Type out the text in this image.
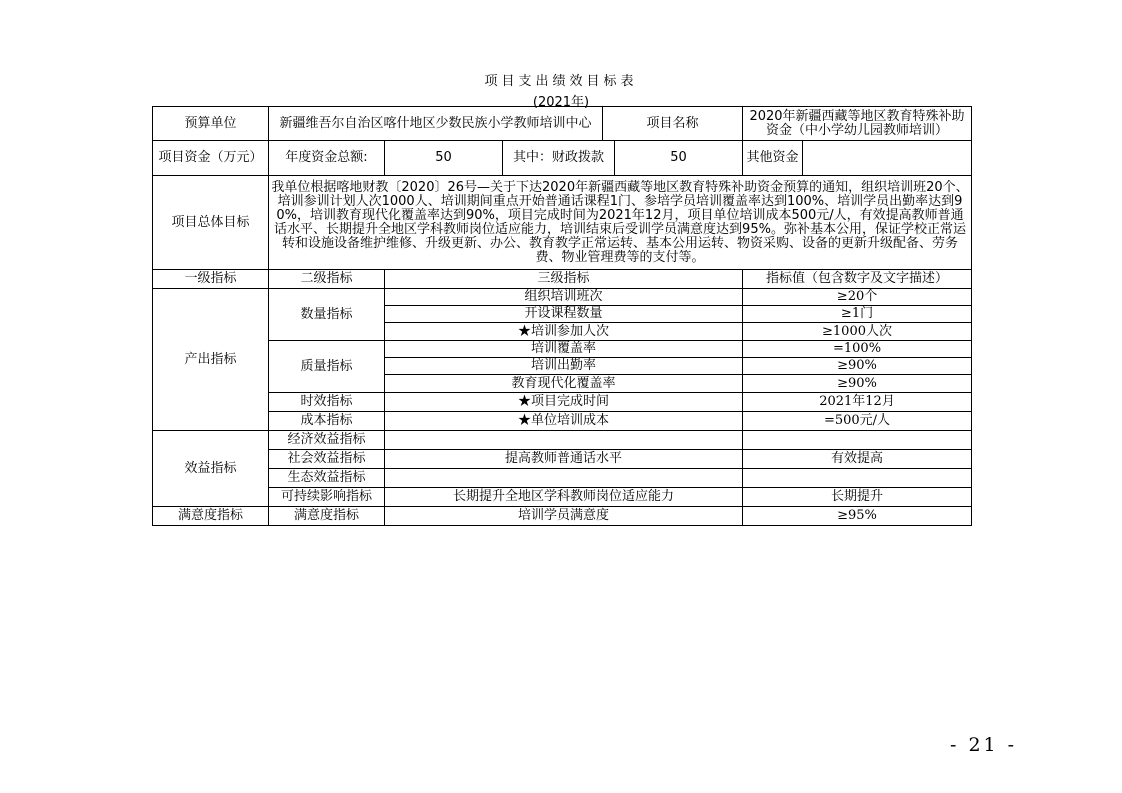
项目支出绩效目标表
(2021年)
预算单位	新疆维吾尔自治区喀什地区少数民族小学教师培训中心			项目名称		2020年新疆西藏等地区教育特殊补助资金（中小学幼儿园教师培训）	
项目资金（万元）	年度资金总额:	50	其中：财政拨款		50	其他资金	
项目总体目标	我单位根据喀地财教〔2020〕26号—关于下达2020年新疆西藏等地区教育特殊补助资金预算的通知，组织培训班20个、培训参训计划人次1000人、培训期间重点开始普通话课程1门、参培学员培训覆盖率达到100%、培训学员出勤率达到90%，培训教育现代化覆盖率达到90%，项目完成时间为2021年12月，项目单位培训成本500元/人，有效提高教师普通话水平、长期提升全地区学科教师岗位适应能力，培训结束后受训学员满意度达到95%。弥补基本公用，保证学校正常运转和设施设备维护维修、升级更新、办公、教育教学正常运转、基本公用运转、物资采购、设备的更新升级配备、劳务费、物业管理费等的支付等。						
一级指标	二级指标	三级指标				指标值（包含数字及文字描述）	
产出指标	数量指标	组织培训班次				≥20个	
		开设课程数量				≥1门	
		★培训参加人次				≥1000人次	
	质量指标	培训覆盖率				=100%	
		培训出勤率				≥90%	
		教育现代化覆盖率				≥90%	
	时效指标	★项目完成时间				2021年12月	
	成本指标	★单位培训成本				=500元/人	
效益指标	经济效益指标						
	社会效益指标	提高教师普通话水平				有效提高	
	生态效益指标						
	可持续影响指标	长期提升全地区学科教师岗位适应能力				长期提升	
满意度指标	满意度指标	培训学员满意度				≥95%	
- 21 -
